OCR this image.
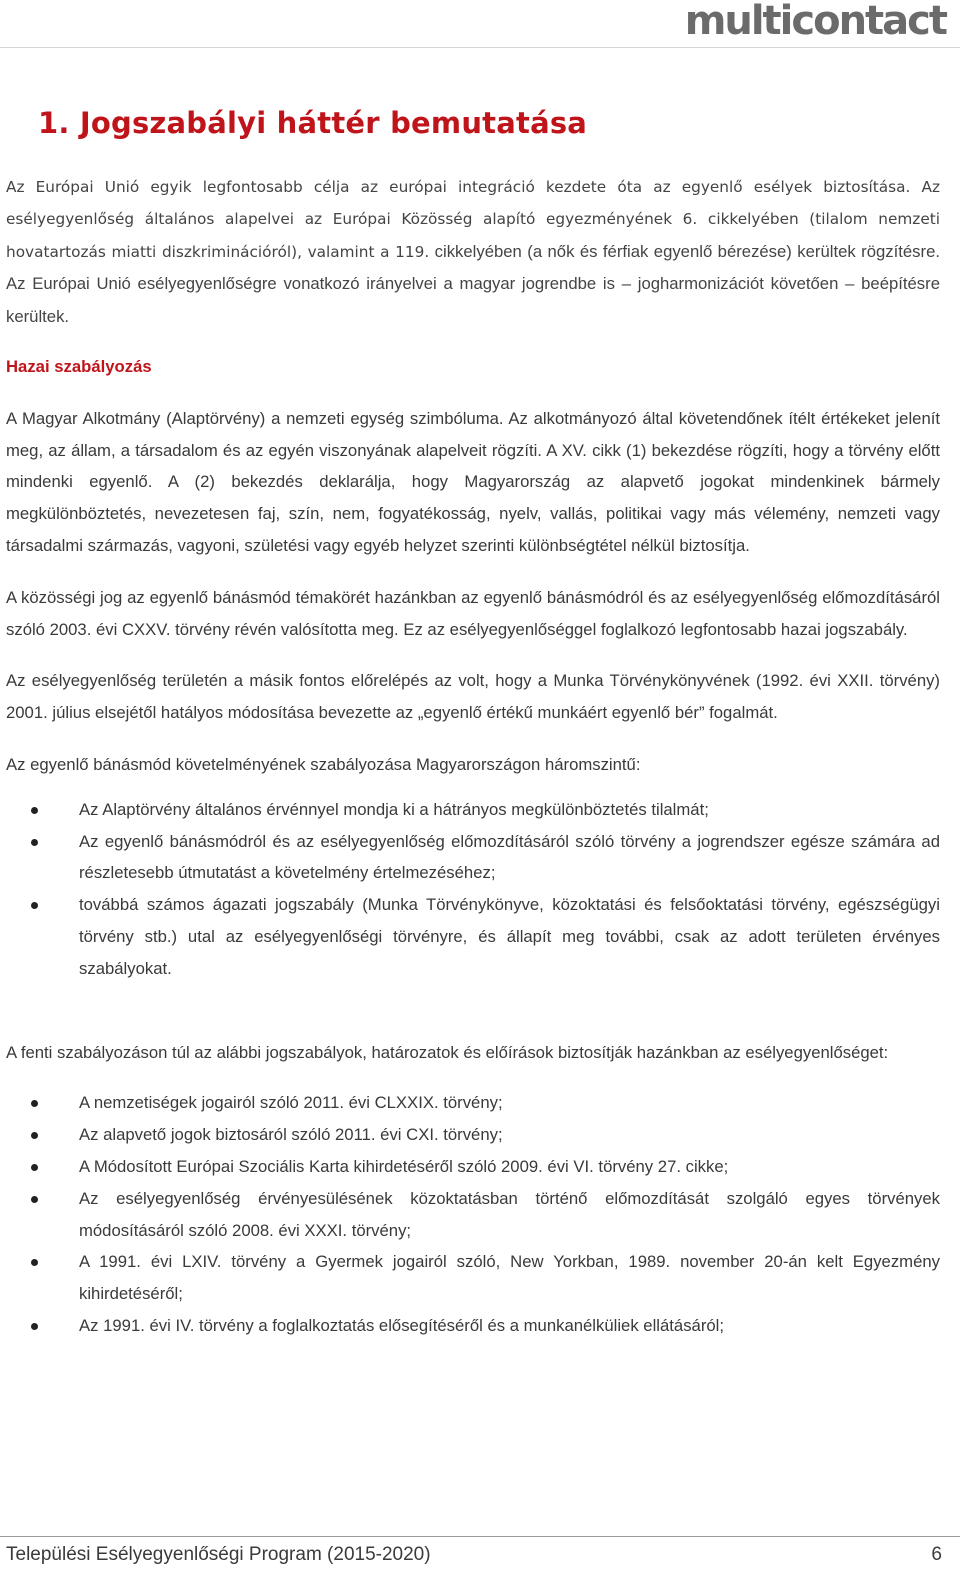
multicontact
1. Jogszabályi háttér bemutatása

Az Európai Unió egyik legfontosabb célja az európai integráció kezdete óta az egyenlő esélyek biztosítása. Az esélyegyenlőség általános alapelvei az Európai Közösség alapító egyezményének 6. cikkelyében (tilalom nemzeti hovatartozás miatti diszkriminációról), valamint a 119. cikkelyében (a nők és férfiak egyenlő bérezése) kerültek rögzítésre. Az Európai Unió esélyegyenlőségre vonatkozó irányelvei a magyar jogrendbe is – jogharmonizációt követően – beépítésre kerültek.

Hazai szabályozás

A Magyar Alkotmány (Alaptörvény) a nemzeti egység szimbóluma. Az alkotmányozó által követendőnek ítélt értékeket jelenít meg, az állam, a társadalom és az egyén viszonyának alapelveit rögzíti. A XV. cikk (1) bekezdése rögzíti, hogy a törvény előtt mindenki egyenlő. A (2) bekezdés deklarálja, hogy Magyarország az alapvető jogokat mindenkinek bármely megkülönböztetés, nevezetesen faj, szín, nem, fogyatékosság, nyelv, vallás, politikai vagy más vélemény, nemzeti vagy társadalmi származás, vagyoni, születési vagy egyéb helyzet szerinti különbségtétel nélkül biztosítja.

A közösségi jog az egyenlő bánásmód témakörét hazánkban az egyenlő bánásmódról és az esélyegyenlőség előmozdításáról szóló 2003. évi CXXV. törvény révén valósította meg. Ez az esélyegyenlőséggel foglalkozó legfontosabb hazai jogszabály.

Az esélyegyenlőség területén a másik fontos előrelépés az volt, hogy a Munka Törvénykönyvének (1992. évi XXII. törvény) 2001. július elsejétől hatályos módosítása bevezette az „egyenlő értékű munkáért egyenlő bér” fogalmát.

Az egyenlő bánásmód követelményének szabályozása Magyarországon háromszintű:

Az Alaptörvény általános érvénnyel mondja ki a hátrányos megkülönböztetés tilalmát;
Az egyenlő bánásmódról és az esélyegyenlőség előmozdításáról szóló törvény a jogrendszer egésze számára ad részletesebb útmutatást a követelmény értelmezéséhez;
továbbá számos ágazati jogszabály (Munka Törvénykönyve, közoktatási és felsőoktatási törvény, egészségügyi törvény stb.) utal az esélyegyenlőségi törvényre, és állapít meg további, csak az adott területen érvényes szabályokat.

A fenti szabályozáson túl az alábbi jogszabályok, határozatok és előírások biztosítják hazánkban az esélyegyenlőséget:

A nemzetiségek jogairól szóló 2011. évi CLXXIX. törvény;
Az alapvető jogok biztosáról szóló 2011. évi CXI. törvény;
A Módosított Európai Szociális Karta kihirdetéséről szóló 2009. évi VI. törvény 27. cikke;
Az esélyegyenlőség érvényesülésének közoktatásban történő előmozdítását szolgáló egyes törvények módosításáról szóló 2008. évi XXXI. törvény;
A 1991. évi LXIV. törvény a Gyermek jogairól szóló, New Yorkban, 1989. november 20-án kelt Egyezmény kihirdetéséről;
Az 1991. évi IV. törvény a foglalkoztatás elősegítéséről és a munkanélküliek ellátásáról;
Települési Esélyegyenlőségi Program (2015-2020)	6
